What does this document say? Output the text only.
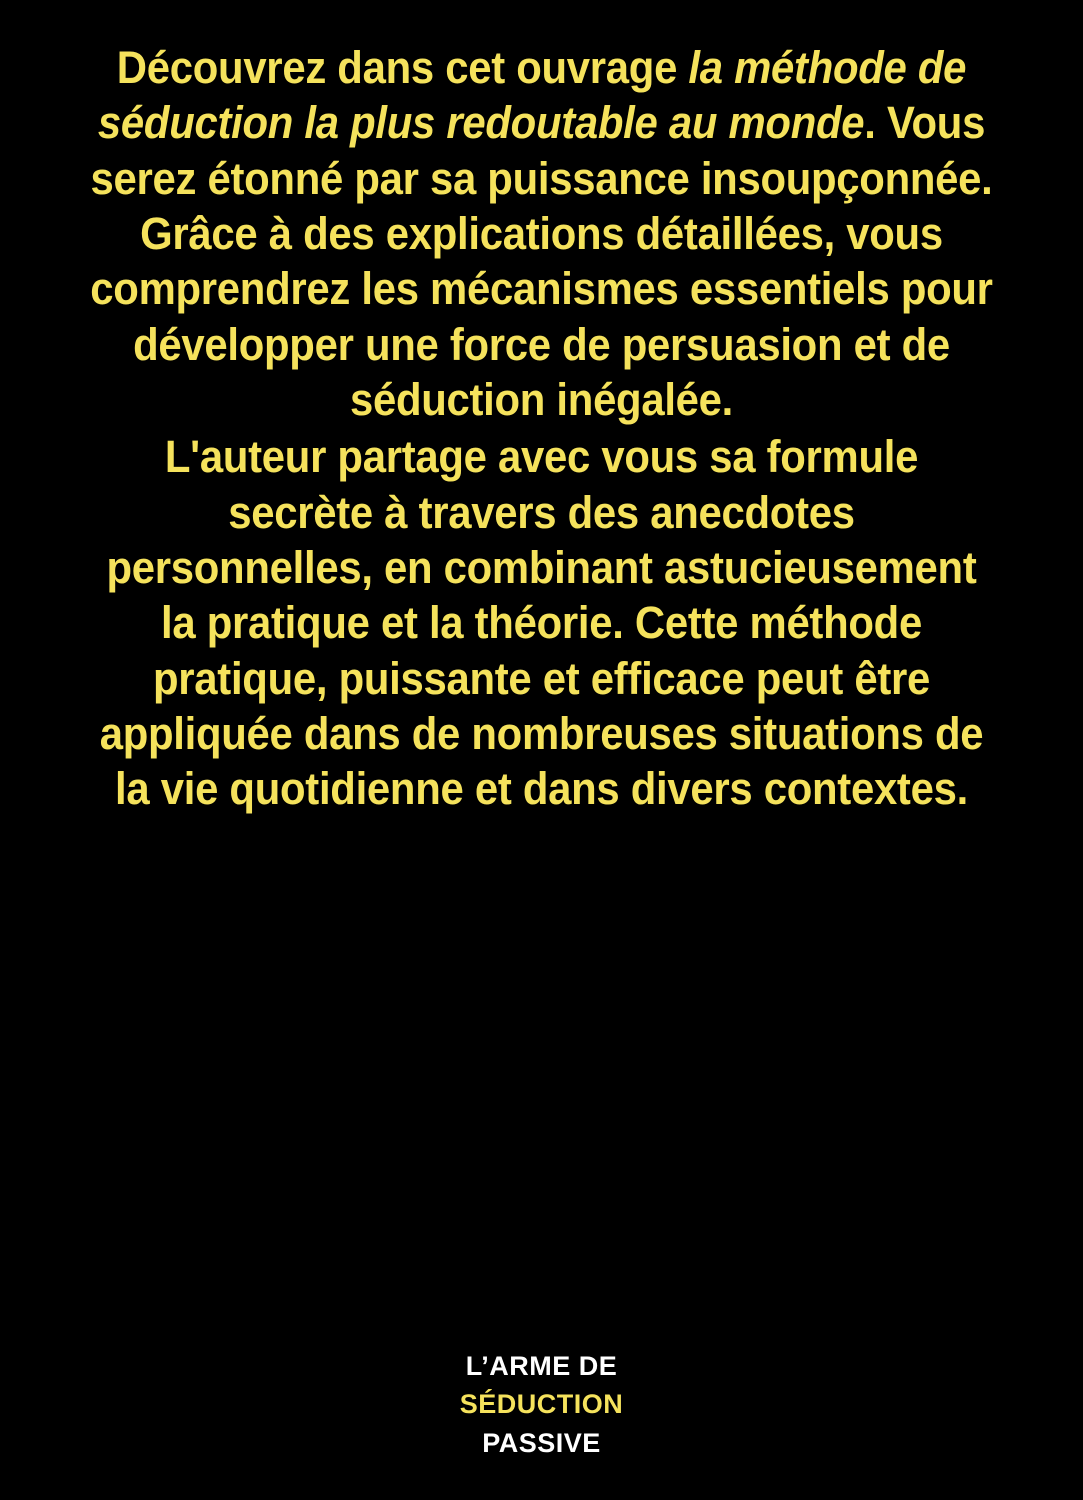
Découvrez dans cet ouvrage la méthode de séduction la plus redoutable au monde. Vous serez étonné par sa puissance insoupçonnée. Grâce à des explications détaillées, vous comprendrez les mécanismes essentiels pour développer une force de persuasion et de séduction inégalée.

L'auteur partage avec vous sa formule secrète à travers des anecdotes personnelles, en combinant astucieusement la pratique et la théorie. Cette méthode pratique, puissante et efficace peut être appliquée dans de nombreuses situations de la vie quotidienne et dans divers contextes.

L’ARME DE
SÉDUCTION
PASSIVE
